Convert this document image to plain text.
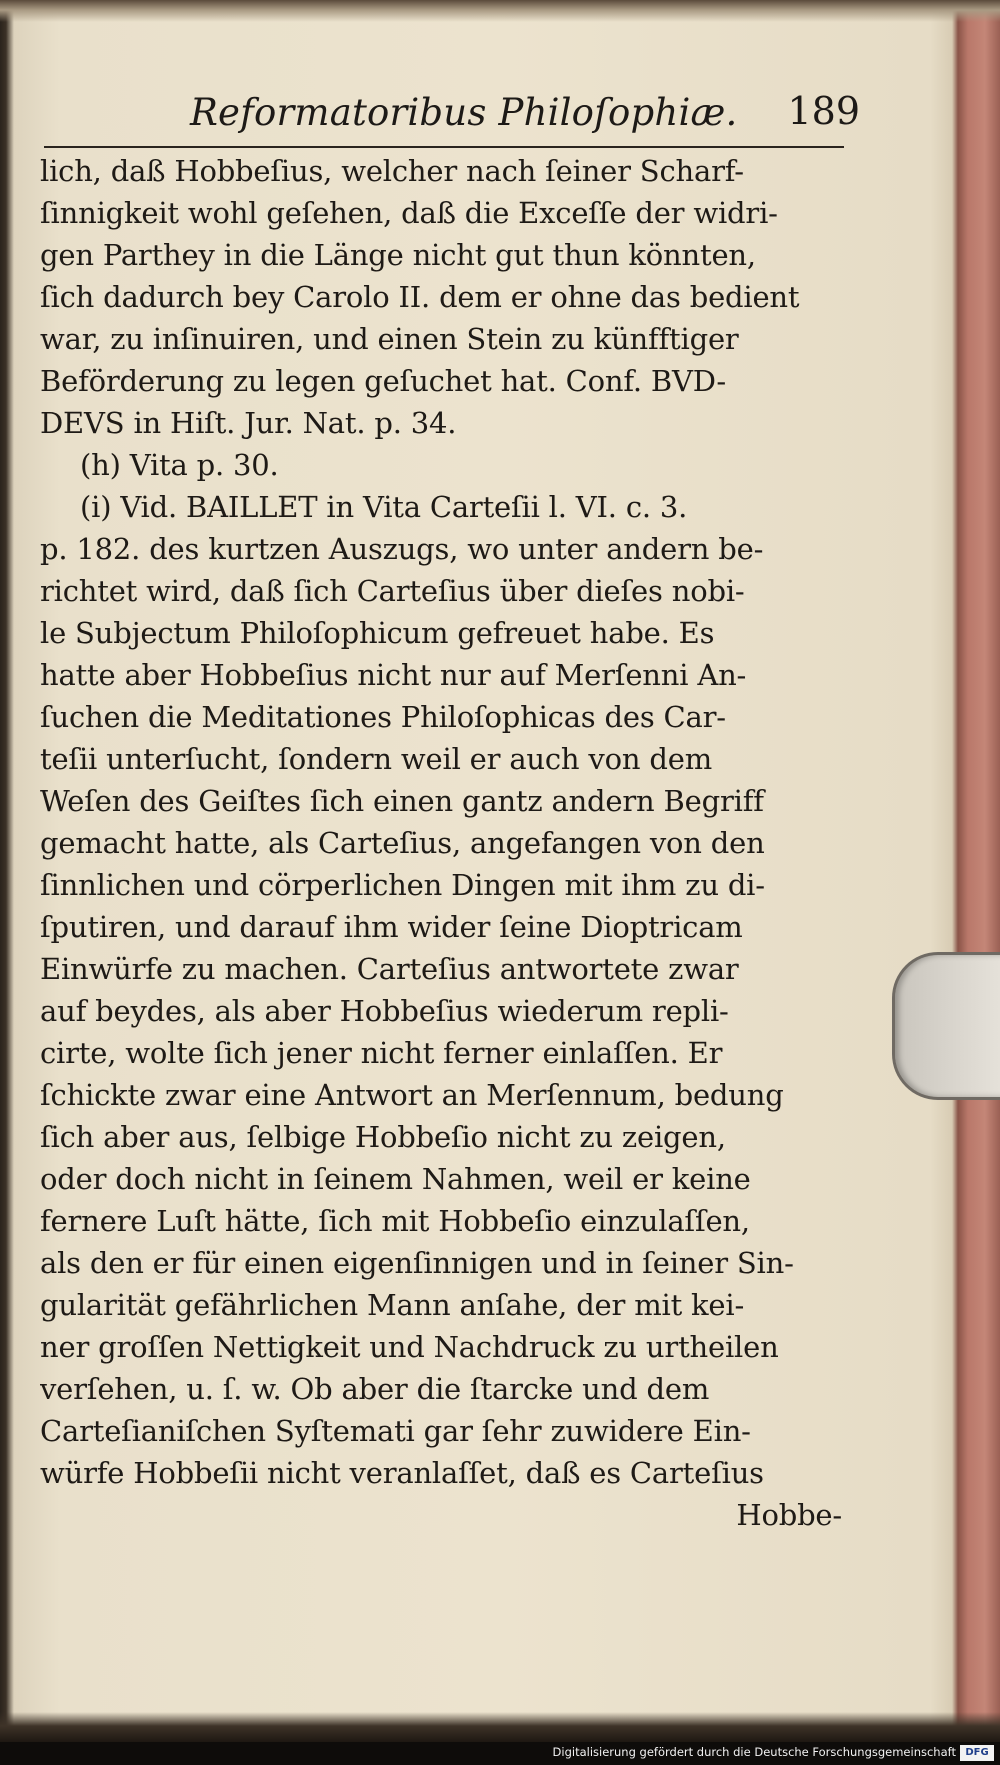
Reformatoribus Philoſophiæ. 189
lich, daß Hobbeſius, welcher nach ſeiner Scharf-
ſinnigkeit wohl geſehen, daß die Exceſſe der widri-
gen Parthey in die Länge nicht gut thun könnten,
ſich dadurch bey Carolo II. dem er ohne das bedient
war, zu inſinuiren, und einen Stein zu künfftiger
Beförderung zu legen geſuchet hat. Conf. BVD-
DEVS in Hiſt. Jur. Nat. p. 34.
(h) Vita p. 30.
(i) Vid. BAILLET in Vita Carteſii l. VI. c. 3.
p. 182. des kurtzen Auszugs, wo unter andern be-
richtet wird, daß ſich Carteſius über dieſes nobi-
le Subjectum Philoſophicum gefreuet habe. Es
hatte aber Hobbeſius nicht nur auf Merſenni An-
ſuchen die Meditationes Philoſophicas des Car-
teſii unterſucht, ſondern weil er auch von dem
Weſen des Geiſtes ſich einen gantz andern Begriff
gemacht hatte, als Carteſius, angefangen von den
ſinnlichen und cörperlichen Dingen mit ihm zu di-
ſputiren, und darauf ihm wider ſeine Dioptricam
Einwürfe zu machen. Carteſius antwortete zwar
auf beydes, als aber Hobbeſius wiederum repli-
cirte, wolte ſich jener nicht ferner einlaſſen. Er
ſchickte zwar eine Antwort an Merſennum, bedung
ſich aber aus, ſelbige Hobbeſio nicht zu zeigen,
oder doch nicht in ſeinem Nahmen, weil er keine
fernere Luſt hätte, ſich mit Hobbeſio einzulaſſen,
als den er für einen eigenſinnigen und in ſeiner Sin-
gularität gefährlichen Mann anſahe, der mit kei-
ner groſſen Nettigkeit und Nachdruck zu urtheilen
verſehen, u. ſ. w. Ob aber die ſtarcke und dem
Carteſianiſchen Syſtemati gar ſehr zuwidere Ein-
würfe Hobbeſii nicht veranlaſſet, daß es Carteſius
Hobbe-
Digitalisierung gefördert durch die Deutsche Forschungsgemeinschaft DFG
